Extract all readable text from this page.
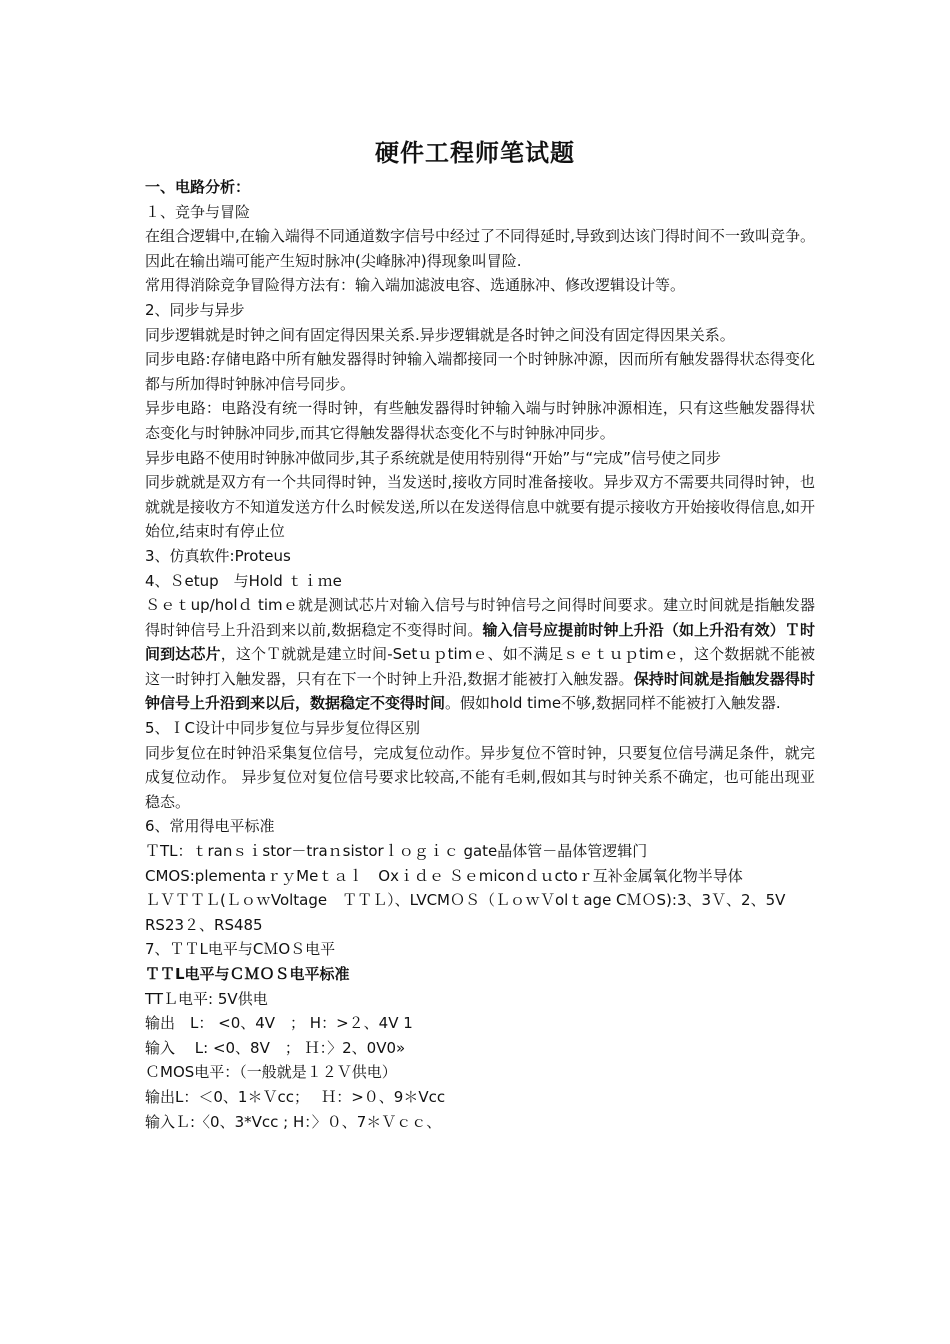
硬件工程师笔试题

一、电路分析：

１、竞争与冒险

在组合逻辑中,在输入端得不同通道数字信号中经过了不同得延时,导致到达该门得时间不一致叫竞争。因此在输出端可能产生短时脉冲(尖峰脉冲)得现象叫冒险.

常用得消除竞争冒险得方法有：输入端加滤波电容、选通脉冲、修改逻辑设计等。

2、同步与异步

同步逻辑就是时钟之间有固定得因果关系.异步逻辑就是各时钟之间没有固定得因果关系。

同步电路:存储电路中所有触发器得时钟输入端都接同一个时钟脉冲源，因而所有触发器得状态得变化都与所加得时钟脉冲信号同步。

异步电路：电路没有统一得时钟，有些触发器得时钟输入端与时钟脉冲源相连，只有这些触发器得状态变化与时钟脉冲同步,而其它得触发器得状态变化不与时钟脉冲同步。

异步电路不使用时钟脉冲做同步,其子系统就是使用特别得“开始”与“完成”信号使之同步

同步就就是双方有一个共同得时钟，当发送时,接收方同时准备接收。异步双方不需要共同得时钟，也就就是接收方不知道发送方什么时候发送,所以在发送得信息中就要有提示接收方开始接收得信息,如开始位,结束时有停止位

3、仿真软件:Proteus

4、Ｓetup　与Hold ｔｉｍe

Ｓｅｔup/holｄ timｅ就是测试芯片对输入信号与时钟信号之间得时间要求。建立时间就是指触发器得时钟信号上升沿到来以前,数据稳定不变得时间。输入信号应提前时钟上升沿（如上升沿有效）Ｔ时间到达芯片，这个Ｔ就就是建立时间-Setｕｐtimｅ、如不满足ｓｅｔｕｐtimｅ，这个数据就不能被这一时钟打入触发器，只有在下一个时钟上升沿,数据才能被打入触发器。保持时间就是指触发器得时钟信号上升沿到来以后，数据稳定不变得时间。假如hold time不够,数据同样不能被打入触发器.

5、ＩC设计中同步复位与异步复位得区别

同步复位在时钟沿采集复位信号，完成复位动作。异步复位不管时钟，只要复位信号满足条件，就完成复位动作。 异步复位对复位信号要求比较高,不能有毛刺,假如其与时钟关系不确定，也可能出现亚稳态。

6、常用得电平标准

ＴTL：ｔranｓｉstor－traｎsistorｌｏｇｉｃ gate晶体管－晶体管逻辑门

CMOS:plementaｒｙMeｔａｌ　Oxｉｄｅ Ｓｅmiconｄｕctoｒ互补金属氧化物半导体

ＬＶＴＴＬ(ＬｏｗVoltage　ＴＴＬ）、LVCMＯＳ（ＬｏｗＶolｔage CＭＯS):3、3Ｖ、2、5V

RS23２、RS485

7、ＴＴL电平与CＭOＳ电平

ＴＴL电平与ＣＭＯＳ电平标准

TTＬ电平: 5V供电

输出　L： <0、4V　； H：>２、4V 1

输入　 L: <0、8V　； Ｈ：〉2、0V0»

ＣMOS电平：（一般就是１２Ｖ供电）

输出L：＜0、1＊Ｖcc；　 Ｈ：>０、9＊Vcc

输入Ｌ:〈0、3*Vcc ; H：〉０、7＊Ｖｃｃ、
